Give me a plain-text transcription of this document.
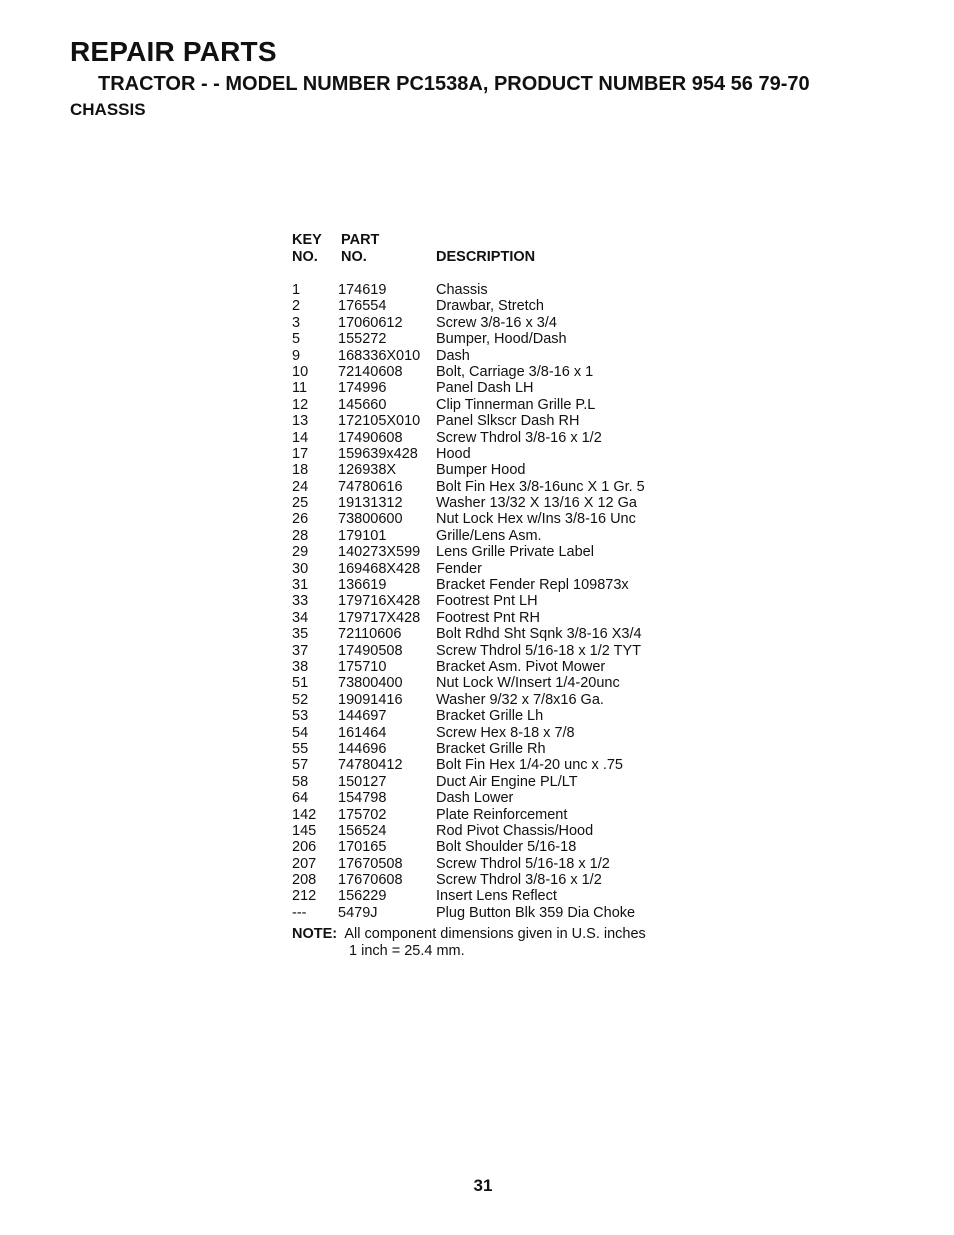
REPAIR PARTS
TRACTOR - - MODEL NUMBER PC1538A, PRODUCT NUMBER 954 56 79-70
CHASSIS
KEY
NO.
PART
NO.	DESCRIPTION
1	174619	Chassis
2	176554	Drawbar, Stretch
3	17060612 Screw 3/8-16 x 3/4
5	155272	Bumper, Hood/Dash
9	168336X010 Dash
10 72140608 Bolt, Carriage 3/8-16 x 1
11 174996	Panel Dash LH
12 145660	Clip Tinnerman Grille P.L
13 172105X010 Panel Slkscr Dash RH
14 17490608 Screw Thdrol 3/8-16 x 1/2
17 159639x428 Hood
18 126938X	Bumper Hood
24 74780616 Bolt Fin Hex 3/8-16unc X 1 Gr. 5
25 19131312 Washer 13/32 X 13/16 X 12 Ga
26 73800600 Nut Lock Hex w/Ins 3/8-16 Unc
28 179101	Grille/Lens Asm.
29 140273X599 Lens Grille Private Label
30 169468X428 Fender
31 136619	Bracket Fender Repl 109873x
33 179716X428 Footrest Pnt LH
34 179717X428 Footrest Pnt RH
35 72110606 Bolt Rdhd Sht Sqnk 3/8-16 X3/4
37 17490508 Screw Thdrol 5/16-18 x 1/2 TYT
38 175710	Bracket Asm. Pivot Mower
51 73800400 Nut Lock W/Insert 1/4-20unc
52 19091416 Washer 9/32 x 7/8x16 Ga.
53 144697	Bracket Grille Lh
54 161464	Screw Hex 8-18 x 7/8
55 144696	Bracket Grille Rh
57 74780412 Bolt Fin Hex 1/4-20 unc x .75
58 150127	Duct Air Engine PL/LT
64 154798	Dash Lower
142 175702	Plate Reinforcement
145 156524	Rod Pivot Chassis/Hood
206 170165	Bolt Shoulder 5/16-18
207 17670508 Screw Thdrol 5/16-18 x 1/2
208 17670608 Screw Thdrol 3/8-16 x 1/2
212 156229	Insert Lens Reflect
--- 5479J	Plug Button Blk 359 Dia Choke
NOTE: All component dimensions given in U.S. inches
1 inch = 25.4 mm.
31
